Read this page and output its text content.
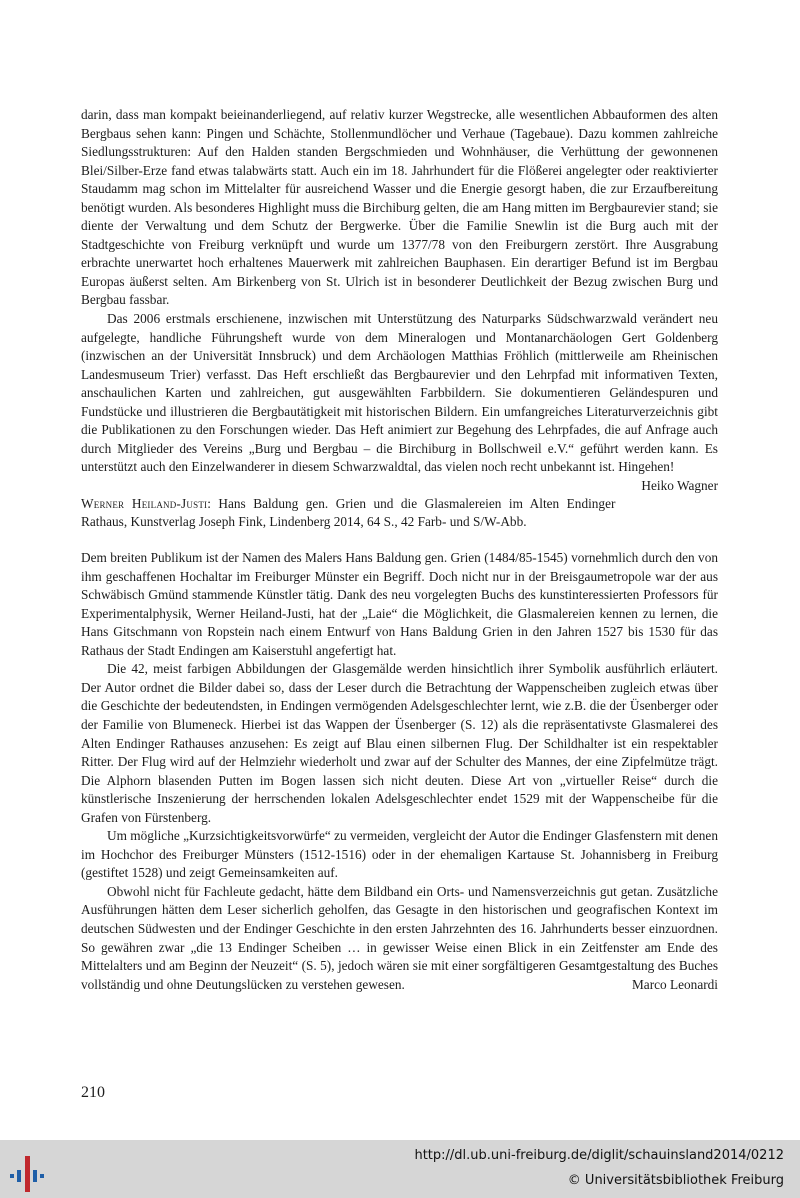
darin, dass man kompakt beieinanderliegend, auf relativ kurzer Wegstrecke, alle wesentlichen Abbauformen des alten Bergbaus sehen kann: Pingen und Schächte, Stollenmundlöcher und Verhaue (Tagebaue). Dazu kommen zahlreiche Siedlungsstrukturen: Auf den Halden standen Bergschmieden und Wohnhäuser, die Verhüttung der gewonnenen Blei/Silber-Erze fand etwas talabwärts statt. Auch ein im 18. Jahrhundert für die Flößerei angelegter oder reaktivierter Staudamm mag schon im Mittelalter für ausreichend Wasser und die Energie gesorgt haben, die zur Erzaufbereitung benötigt wurden. Als besonderes Highlight muss die Birchiburg gelten, die am Hang mitten im Bergbaurevier stand; sie diente der Verwaltung und dem Schutz der Bergwerke. Über die Familie Snewlin ist die Burg auch mit der Stadtgeschichte von Freiburg verknüpft und wurde um 1377/78 von den Freiburgern zerstört. Ihre Ausgrabung erbrachte unerwartet hoch erhaltenes Mauerwerk mit zahlreichen Bauphasen. Ein derartiger Befund ist im Bergbau Europas äußerst selten. Am Birkenberg von St. Ulrich ist in besonderer Deutlichkeit der Bezug zwischen Burg und Bergbau fassbar.

Das 2006 erstmals erschienene, inzwischen mit Unterstützung des Naturparks Südschwarzwald verändert neu aufgelegte, handliche Führungsheft wurde von dem Mineralogen und Montanarchäologen Gert Goldenberg (inzwischen an der Universität Innsbruck) und dem Archäologen Matthias Fröhlich (mittlerweile am Rheinischen Landesmuseum Trier) verfasst. Das Heft erschließt das Bergbaurevier und den Lehrpfad mit informativen Texten, anschaulichen Karten und zahlreichen, gut ausgewählten Farbbildern. Sie dokumentieren Geländespuren und Fundstücke und illustrieren die Bergbautätigkeit mit historischen Bildern. Ein umfangreiches Literaturverzeichnis gibt die Publikationen zu den Forschungen wieder. Das Heft animiert zur Begehung des Lehrpfades, die auf Anfrage auch durch Mitglieder des Vereins „Burg und Bergbau – die Birchiburg in Bollschweil e.V.“ geführt werden kann. Es unterstützt auch den Einzelwanderer in diesem Schwarzwaldtal, das vielen noch recht unbekannt ist. Hingehen!
Heiko Wagner

Werner Heiland-Justi: Hans Baldung gen. Grien und die Glasmalereien im Alten Endinger Rathaus, Kunstverlag Joseph Fink, Lindenberg 2014, 64 S., 42 Farb- und S/W-Abb.

Dem breiten Publikum ist der Namen des Malers Hans Baldung gen. Grien (1484/85-1545) vornehmlich durch den von ihm geschaffenen Hochaltar im Freiburger Münster ein Begriff. Doch nicht nur in der Breisgaumetropole war der aus Schwäbisch Gmünd stammende Künstler tätig. Dank des neu vorgelegten Buchs des kunstinteressierten Professors für Experimentalphysik, Werner Heiland-Justi, hat der „Laie“ die Möglichkeit, die Glasmalereien kennen zu lernen, die Hans Gitschmann von Ropstein nach einem Entwurf von Hans Baldung Grien in den Jahren 1527 bis 1530 für das Rathaus der Stadt Endingen am Kaiserstuhl angefertigt hat.

Die 42, meist farbigen Abbildungen der Glasgemälde werden hinsichtlich ihrer Symbolik ausführlich erläutert. Der Autor ordnet die Bilder dabei so, dass der Leser durch die Betrachtung der Wappenscheiben zugleich etwas über die Geschichte der bedeutendsten, in Endingen vermögenden Adelsgeschlechter lernt, wie z.B. die der Üsenberger oder der Familie von Blumeneck. Hierbei ist das Wappen der Üsenberger (S. 12) als die repräsentativste Glasmalerei des Alten Endinger Rathauses anzusehen: Es zeigt auf Blau einen silbernen Flug. Der Schildhalter ist ein respektabler Ritter. Der Flug wird auf der Helmziehr wiederholt und zwar auf der Schulter des Mannes, der eine Zipfelmütze trägt. Die Alphorn blasenden Putten im Bogen lassen sich nicht deuten. Diese Art von „virtueller Reise“ durch die künstlerische Inszenierung der herrschenden lokalen Adelsgeschlechter endet 1529 mit der Wappenscheibe für die Grafen von Fürstenberg.

Um mögliche „Kurzsichtigkeitsvorwürfe“ zu vermeiden, vergleicht der Autor die Endinger Glasfenstern mit denen im Hochchor des Freiburger Münsters (1512-1516) oder in der ehemaligen Kartause St. Johannisberg in Freiburg (gestiftet 1528) und zeigt Gemeinsamkeiten auf.

Obwohl nicht für Fachleute gedacht, hätte dem Bildband ein Orts- und Namensverzeichnis gut getan. Zusätzliche Ausführungen hätten dem Leser sicherlich geholfen, das Gesagte in den historischen und geografischen Kontext im deutschen Südwesten und der Endinger Geschichte in den ersten Jahrzehnten des 16. Jahrhunderts besser einzuordnen. So gewähren zwar „die 13 Endinger Scheiben … in gewisser Weise einen Blick in ein Zeitfenster am Ende des Mittelalters und am Beginn der Neuzeit“ (S. 5), jedoch wären sie mit einer sorgfältigeren Gesamtgestaltung des Buches vollständig und ohne Deutungslücken zu verstehen gewesen.	Marco Leonardi

210
http://dl.ub.uni-freiburg.de/diglit/schauinsland2014/0212
© Universitätsbibliothek Freiburg
